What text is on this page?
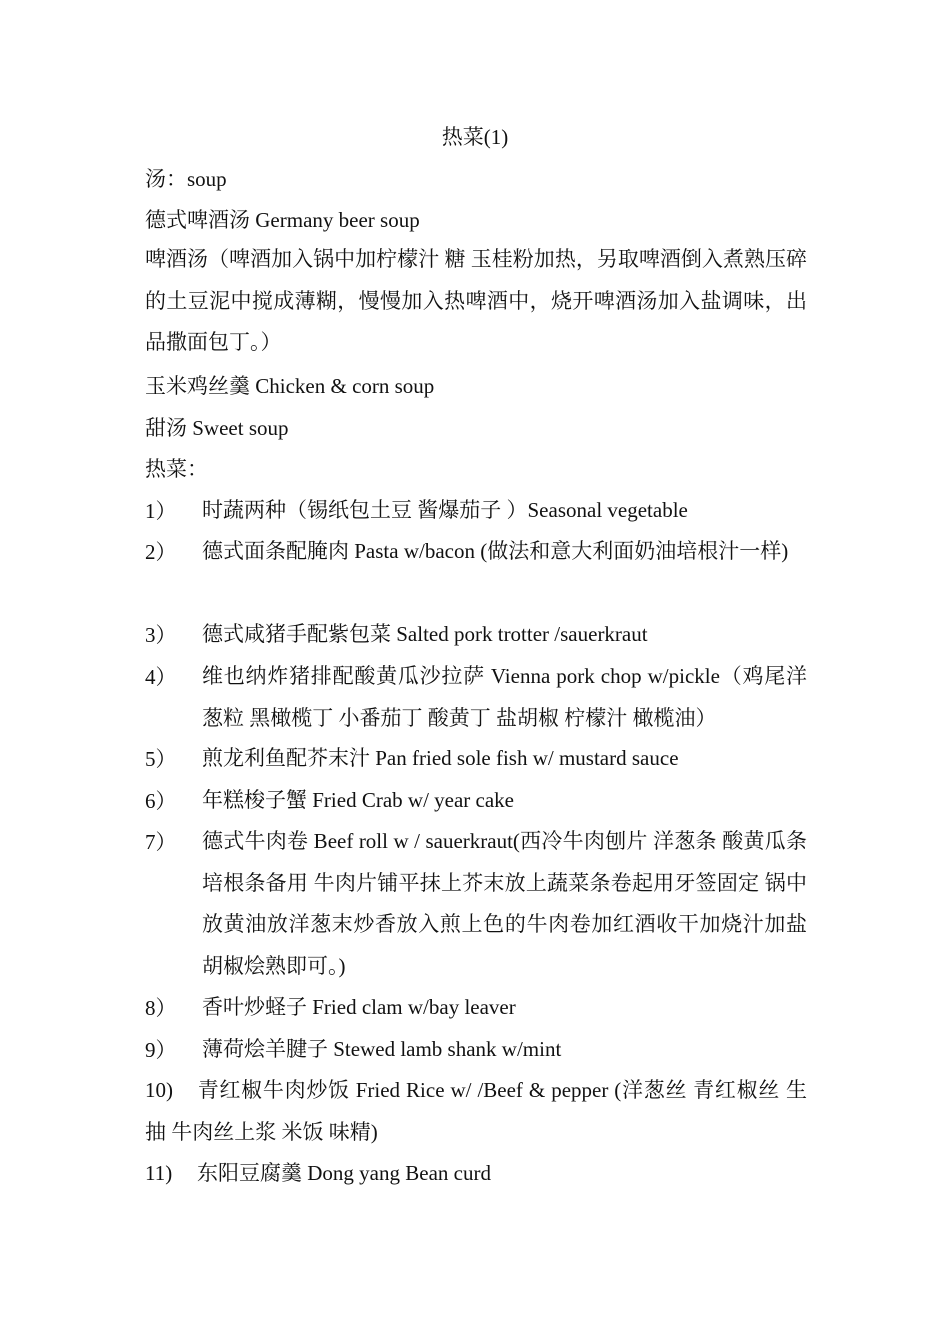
热菜(1)
汤：soup
德式啤酒汤 Germany beer soup
啤酒汤（啤酒加入锅中加柠檬汁 糖 玉桂粉加热，另取啤酒倒入煮熟压碎的土豆泥中搅成薄糊，慢慢加入热啤酒中，烧开啤酒汤加入盐调味，出品撒面包丁。）
玉米鸡丝羹 Chicken & corn soup
甜汤 Sweet soup
热菜：
1） 时蔬两种（锡纸包土豆 酱爆茄子 ）Seasonal vegetable
2） 德式面条配腌肉 Pasta w/bacon (做法和意大利面奶油培根汁一样)
3） 德式咸猪手配紫包菜 Salted pork trotter /sauerkraut
4） 维也纳炸猪排配酸黄瓜沙拉萨 Vienna pork chop w/pickle（鸡尾洋葱粒 黑橄榄丁 小番茄丁 酸黄丁 盐胡椒 柠檬汁 橄榄油）
5） 煎龙利鱼配芥末汁 Pan fried sole fish w/ mustard sauce
6） 年糕梭子蟹 Fried Crab w/ year cake
7） 德式牛肉卷 Beef roll w / sauerkraut(西冷牛肉刨片 洋葱条 酸黄瓜条 培根条备用 牛肉片铺平抹上芥末放上蔬菜条卷起用牙签固定 锅中放黄油放洋葱末炒香放入煎上色的牛肉卷加红酒收干加烧汁加盐胡椒烩熟即可。)
8） 香叶炒蛏子 Fried clam w/bay leaver
9） 薄荷烩羊腱子 Stewed lamb shank w/mint
10) 青红椒牛肉炒饭 Fried Rice w/ /Beef & pepper (洋葱丝 青红椒丝 生抽 牛肉丝上浆 米饭 味精)
11) 东阳豆腐羹 Dong yang Bean curd
